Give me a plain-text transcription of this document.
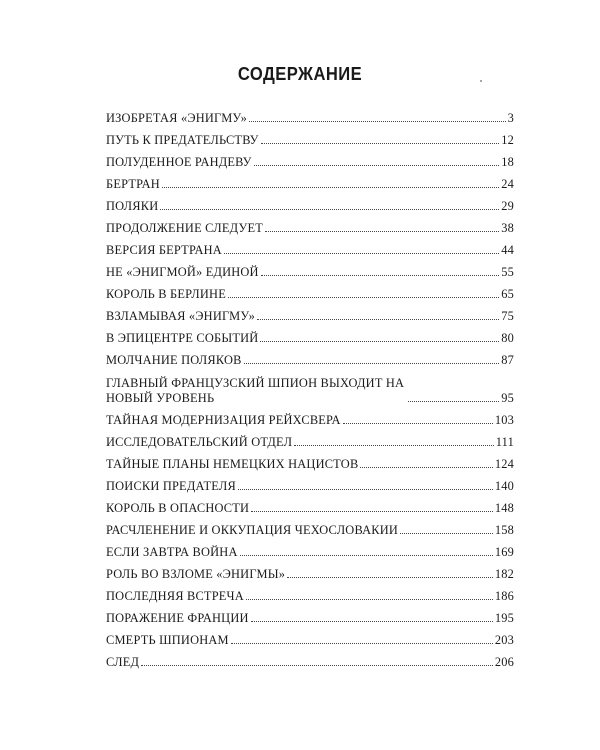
СОДЕРЖАНИЕ
ИЗОБРЕТАЯ «ЭНИГМУ»	3
ПУТЬ К ПРЕДАТЕЛЬСТВУ	12
ПОЛУДЕННОЕ РАНДЕВУ	18
БЕРТРАН	24
ПОЛЯКИ	29
ПРОДОЛЖЕНИЕ СЛЕДУЕТ	38
ВЕРСИЯ БЕРТРАНА	44
НЕ «ЭНИГМОЙ» ЕДИНОЙ	55
КОРОЛЬ В БЕРЛИНЕ	65
ВЗЛАМЫВАЯ «ЭНИГМУ»	75
В ЭПИЦЕНТРЕ СОБЫТИЙ	80
МОЛЧАНИЕ ПОЛЯКОВ	87
ГЛАВНЫЙ ФРАНЦУЗСКИЙ ШПИОН ВЫХОДИТ НА НОВЫЙ УРОВЕНЬ	95
ТАЙНАЯ МОДЕРНИЗАЦИЯ РЕЙХСВЕРА	103
ИССЛЕДОВАТЕЛЬСКИЙ ОТДЕЛ	111
ТАЙНЫЕ ПЛАНЫ НЕМЕЦКИХ НАЦИСТОВ	124
ПОИСКИ ПРЕДАТЕЛЯ	140
КОРОЛЬ В ОПАСНОСТИ	148
РАСЧЛЕНЕНИЕ И ОККУПАЦИЯ ЧЕХОСЛОВАКИИ	158
ЕСЛИ ЗАВТРА ВОЙНА	169
РОЛЬ ВО ВЗЛОМЕ «ЭНИГМЫ»	182
ПОСЛЕДНЯЯ ВСТРЕЧА	186
ПОРАЖЕНИЕ ФРАНЦИИ	195
СМЕРТЬ ШПИОНАМ	203
СЛЕД	206
